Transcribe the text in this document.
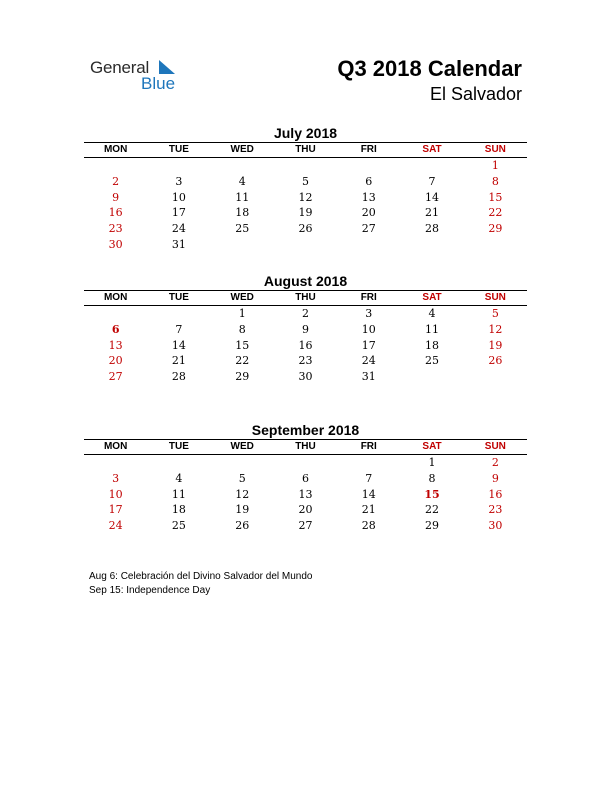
General
Blue
Q3 2018 Calendar
El Salvador
July 2018
MON	TUE	WED	THU	FRI	SAT	SUN
						1
2	3	4	5	6	7	8
9	10	11	12	13	14	15
16	17	18	19	20	21	22
23	24	25	26	27	28	29
30	31					
August 2018
MON	TUE	WED	THU	FRI	SAT	SUN
		1	2	3	4	5
6	7	8	9	10	11	12
13	14	15	16	17	18	19
20	21	22	23	24	25	26
27	28	29	30	31		
September 2018
MON	TUE	WED	THU	FRI	SAT	SUN
					1	2
3	4	5	6	7	8	9
10	11	12	13	14	15	16
17	18	19	20	21	22	23
24	25	26	27	28	29	30
Aug 6: Celebración del Divino Salvador del Mundo
Sep 15: Independence Day
